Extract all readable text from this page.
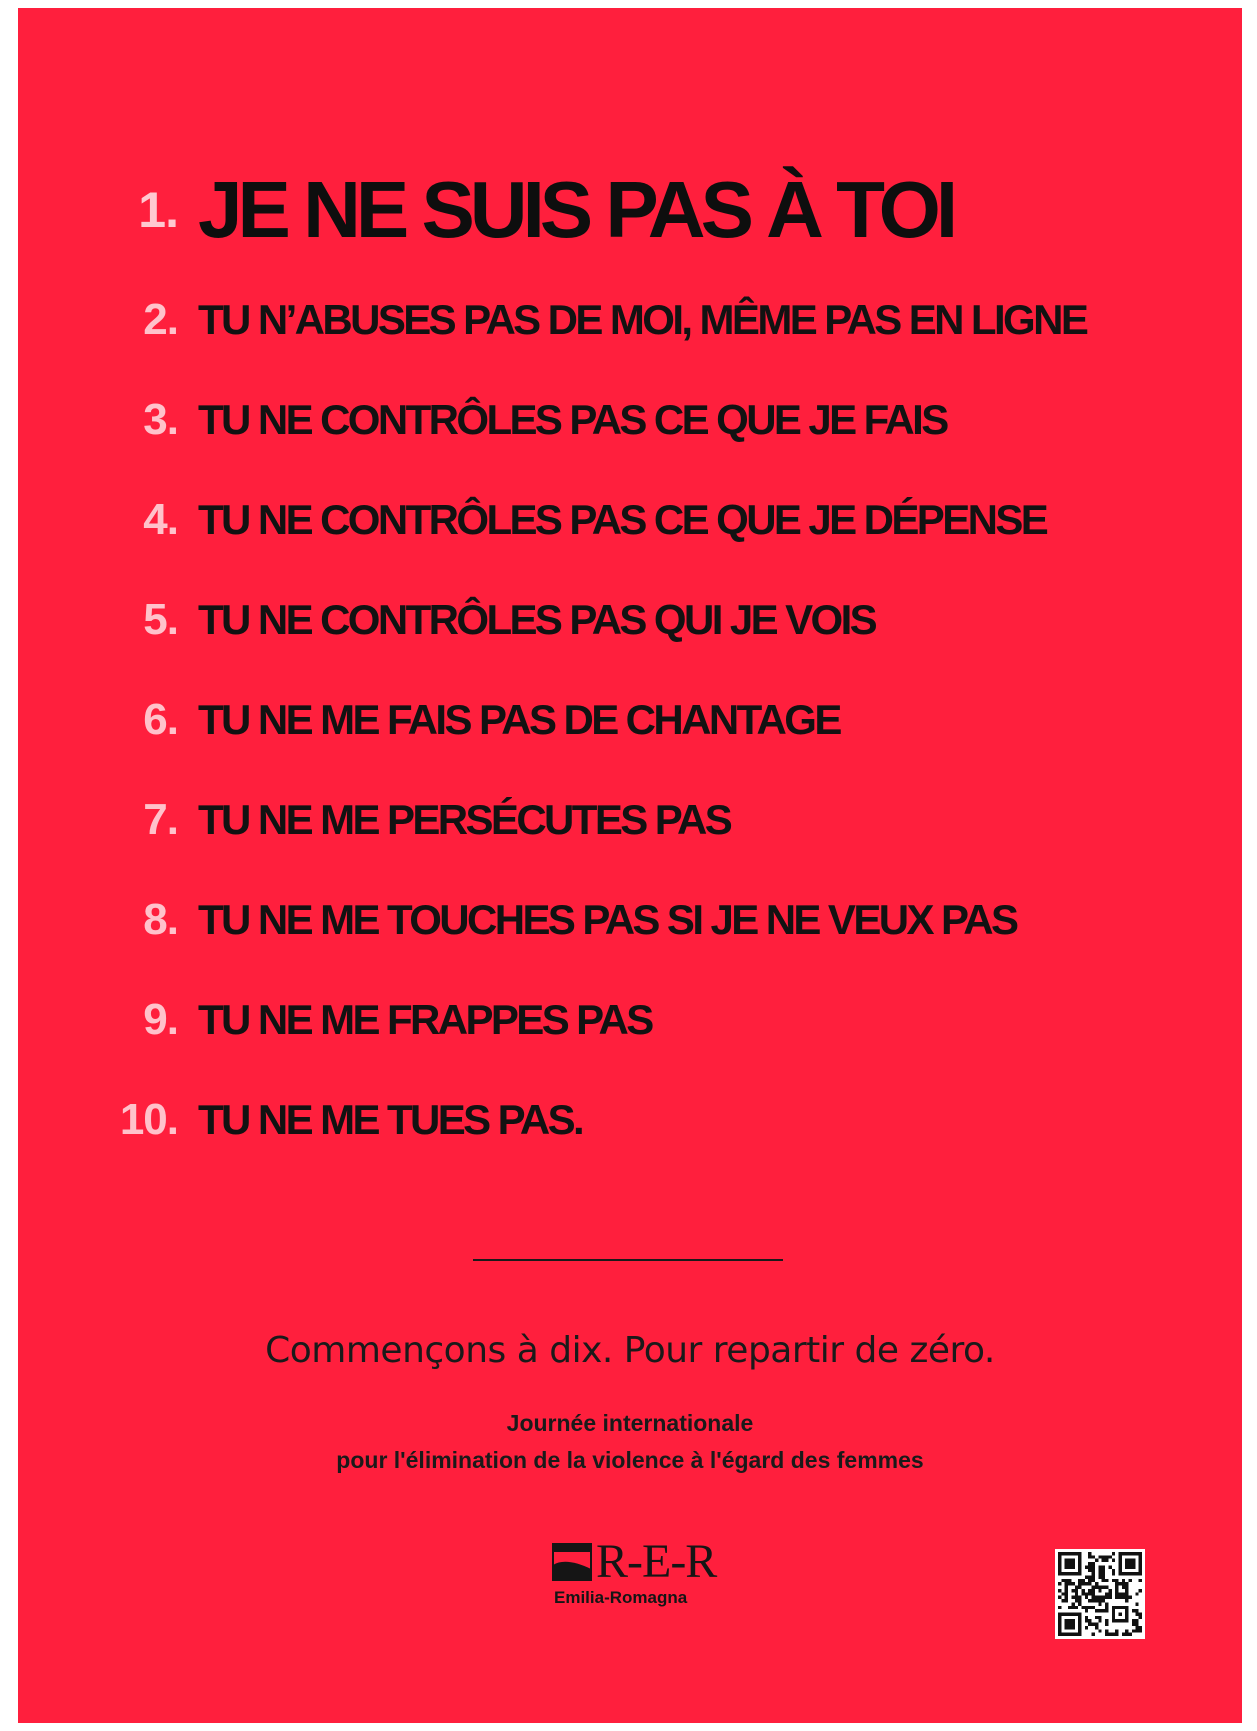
1. JE NE SUIS PAS À TOI
2. TU N’ABUSES PAS DE MOI, MÊME PAS EN LIGNE
3. TU NE CONTRÔLES PAS CE QUE JE FAIS
4. TU NE CONTRÔLES PAS CE QUE JE DÉPENSE
5. TU NE CONTRÔLES PAS QUI JE VOIS
6. TU NE ME FAIS PAS DE CHANTAGE
7. TU NE ME PERSÉCUTES PAS
8. TU NE ME TOUCHES PAS SI JE NE VEUX PAS
9. TU NE ME FRAPPES PAS
10. TU NE ME TUES PAS.
Commençons à dix. Pour repartir de zéro.
Journée internationale
pour l'élimination de la violence à l'égard des femmes
R-E-R
Emilia-Romagna
